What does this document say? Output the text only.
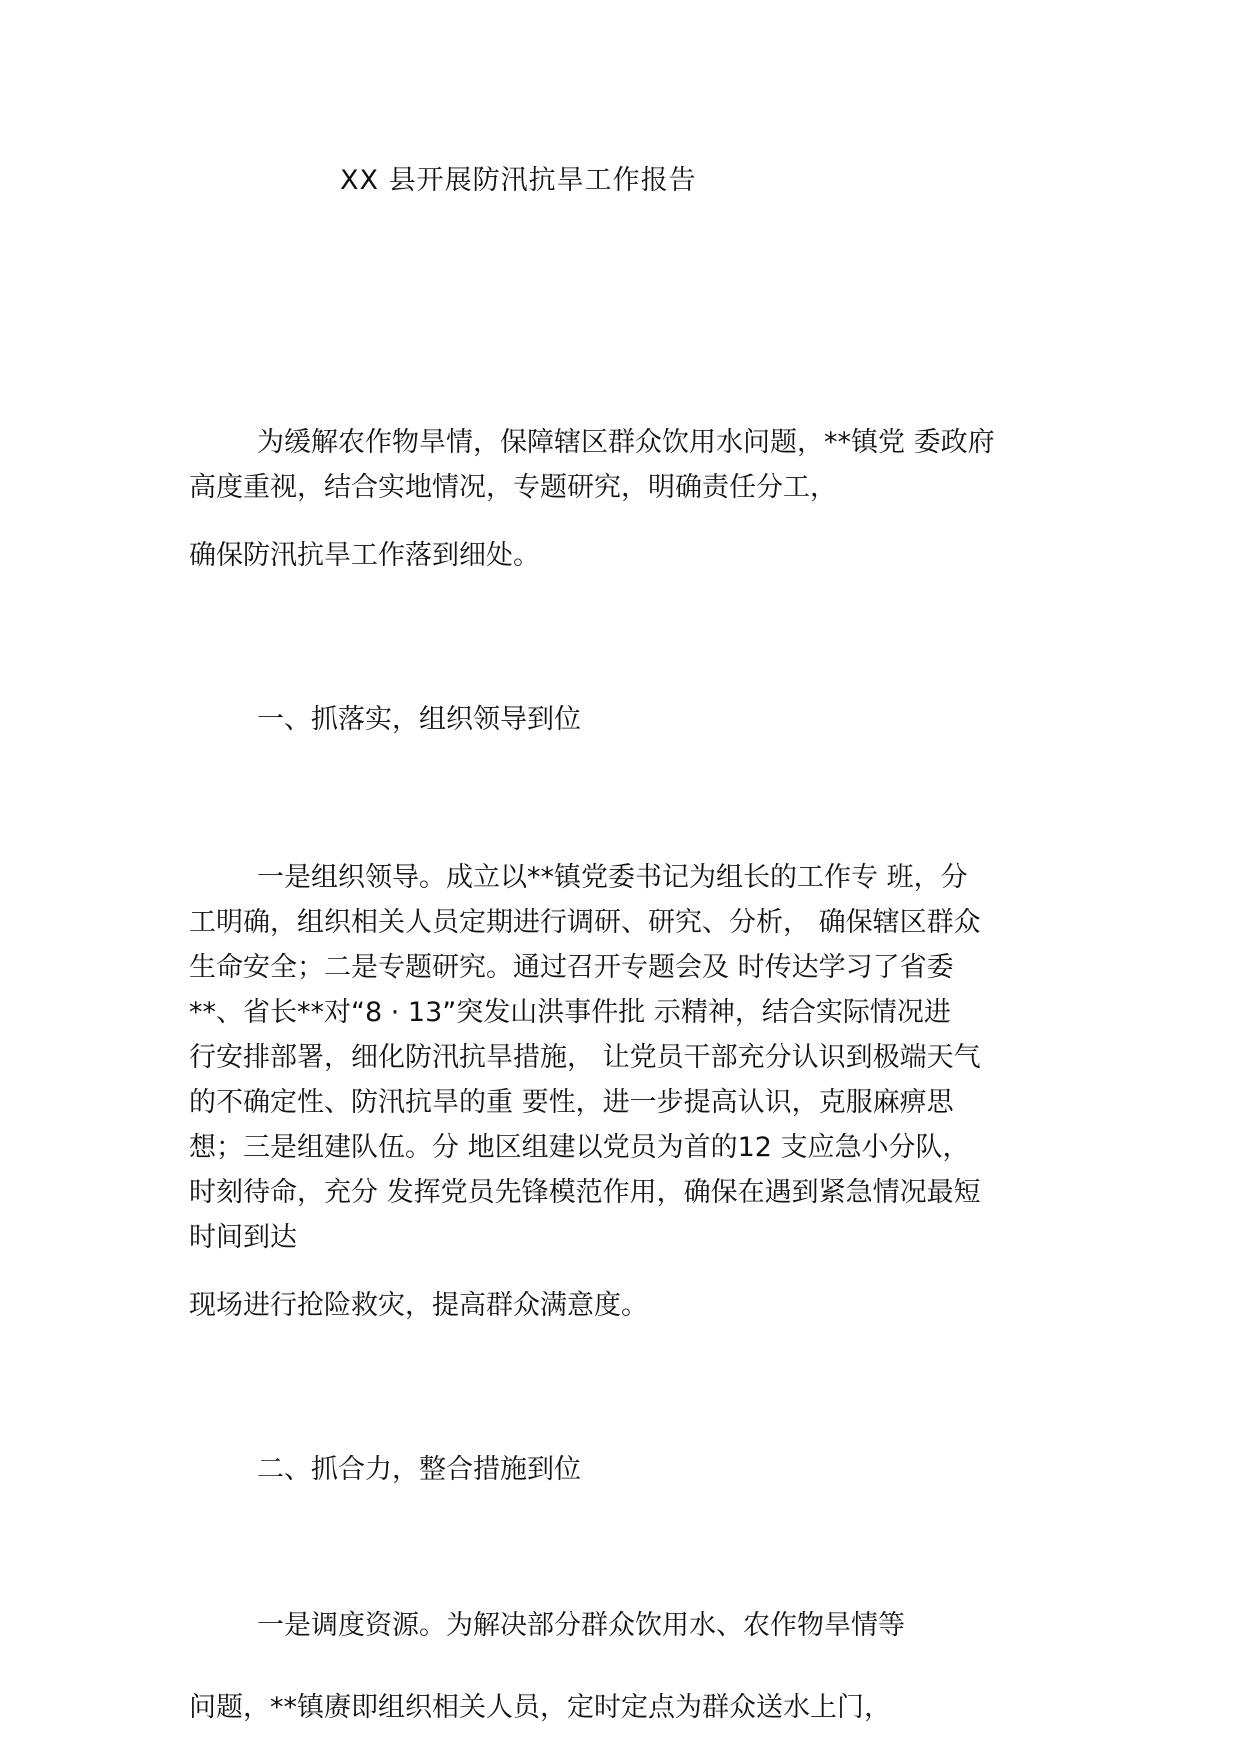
XX 县开展防汛抗旱工作报告
为缓解农作物旱情，保障辖区群众饮用水问题，**镇党 委政府
高度重视，结合实地情况，专题研究，明确责任分工，
确保防汛抗旱工作落到细处。
一、抓落实，组织领导到位
一是组织领导。成立以**镇党委书记为组长的工作专 班，分
工明确，组织相关人员定期进行调研、研究、分析， 确保辖区群众
生命安全；二是专题研究。通过召开专题会及 时传达学习了省委
**、省长**对“8 · 13”突发山洪事件批 示精神，结合实际情况进
行安排部署，细化防汛抗旱措施， 让党员干部充分认识到极端天气
的不确定性、防汛抗旱的重 要性，进一步提高认识，克服麻痹思
想；三是组建队伍。分 地区组建以党员为首的12 支应急小分队，
时刻待命，充分 发挥党员先锋模范作用，确保在遇到紧急情况最短
时间到达
现场进行抢险救灾，提高群众满意度。
二、抓合力，整合措施到位
一是调度资源。为解决部分群众饮用水、农作物旱情等
问题，**镇赓即组织相关人员，定时定点为群众送水上门，
